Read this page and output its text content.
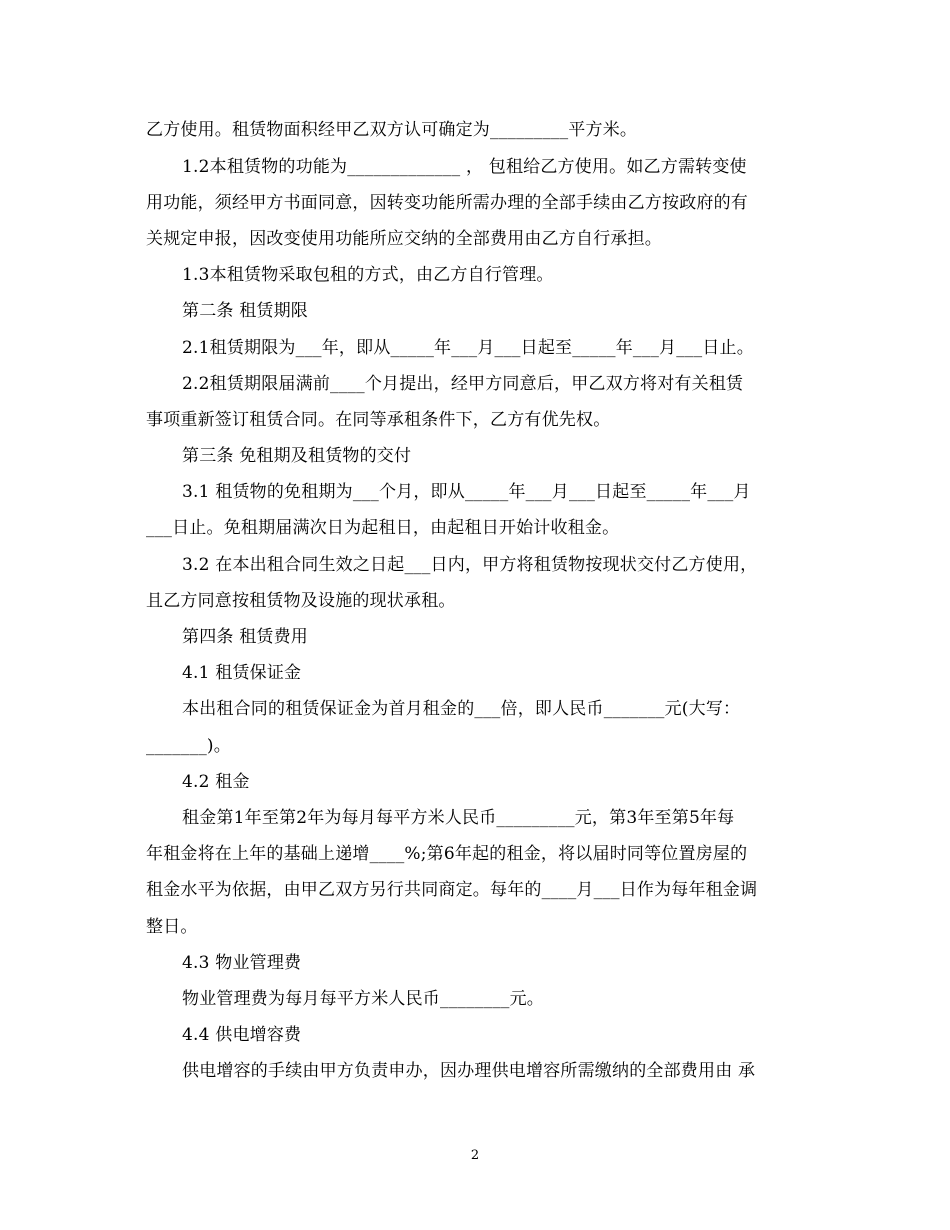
乙方使用。租赁物面积经甲乙双方认可确定为_________平方米。
1.2本租赁物的功能为_____________ ， 包租给乙方使用。如乙方需转变使
用功能，须经甲方书面同意，因转变功能所需办理的全部手续由乙方按政府的有
关规定申报，因改变使用功能所应交纳的全部费用由乙方自行承担。
1.3本租赁物采取包租的方式，由乙方自行管理。
第二条 租赁期限
2.1租赁期限为___年，即从_____年___月___日起至_____年___月___日止。
2.2租赁期限届满前____个月提出，经甲方同意后，甲乙双方将对有关租赁
事项重新签订租赁合同。在同等承租条件下，乙方有优先权。
第三条 免租期及租赁物的交付
3.1 租赁物的免租期为___个月，即从_____年___月___日起至_____年___月
___日止。免租期届满次日为起租日，由起租日开始计收租金。
3.2 在本出租合同生效之日起___日内，甲方将租赁物按现状交付乙方使用，
且乙方同意按租赁物及设施的现状承租。
第四条 租赁费用
4.1 租赁保证金
本出租合同的租赁保证金为首月租金的___倍，即人民币_______元(大写：
_______)。
4.2 租金
租金第1年至第2年为每月每平方米人民币_________元，第3年至第5年每
年租金将在上年的基础上递增____%;第6年起的租金，将以届时同等位置房屋的
租金水平为依据，由甲乙双方另行共同商定。每年的____月___日作为每年租金调
整日。
4.3 物业管理费
物业管理费为每月每平方米人民币________元。
4.4 供电增容费
供电增容的手续由甲方负责申办，因办理供电增容所需缴纳的全部费用由 承
2
